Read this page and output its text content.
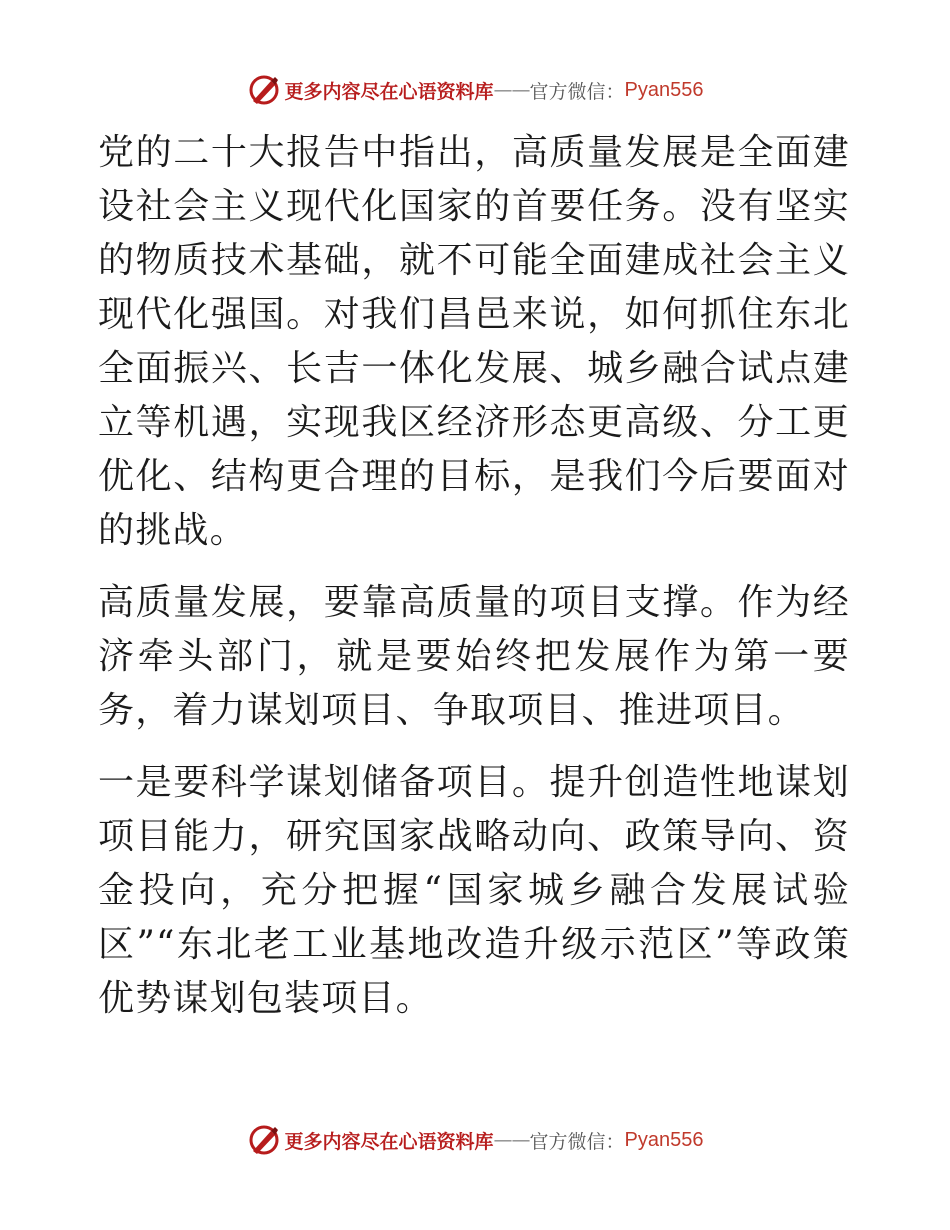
更多内容尽在心语资料库 —— 官方微信： Pyan556

党的二十大报告中指出，高质量发展是全面建设社会主义现代化国家的首要任务。没有坚实的物质技术基础，就不可能全面建成社会主义现代化强国。对我们昌邑来说，如何抓住东北全面振兴、长吉一体化发展、城乡融合试点建立等机遇，实现我区经济形态更高级、分工更优化、结构更合理的目标，是我们今后要面对的挑战。

高质量发展，要靠高质量的项目支撑。作为经济牵头部门，就是要始终把发展作为第一要务，着力谋划项目、争取项目、推进项目。

一是要科学谋划储备项目。提升创造性地谋划项目能力，研究国家战略动向、政策导向、资金投向，充分把握“国家城乡融合发展试验区”“东北老工业基地改造升级示范区”等政策优势谋划包装项目。

更多内容尽在心语资料库 —— 官方微信： Pyan556
